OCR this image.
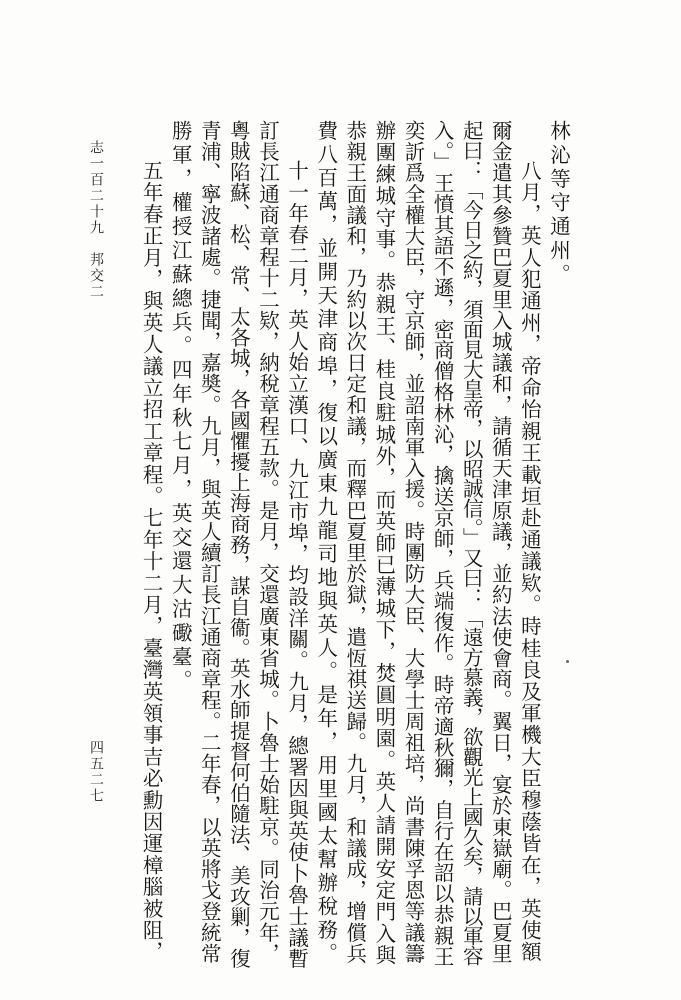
林沁等守通州。
八月，英人犯通州，帝命怡親王載垣赴通議欵。時桂良及軍機大臣穆蔭皆在，英使額
爾金遣其參贊巴夏里入城議和，請循天津原議，並約法使會商。翼日，宴於東嶽廟。巴夏里
起曰：「今日之約，須面見大皇帝，以昭誠信。」又曰：「遠方慕義，欲觀光上國久矣，請以軍容
入。」王憤其語不遜，密商僧格林沁，擒送京師，兵端復作。時帝適秋獮，自行在詔以恭親王
奕訢爲全權大臣，守京師，並詔南軍入援。時團防大臣、大學士周祖培，尚書陳孚恩等議籌
辦團練城守事。恭親王、桂良駐城外，而英師已薄城下，焚圓明園。英人請開安定門入與
恭親王面議和，乃約以次日定和議，而釋巴夏里於獄，遣恆祺送歸。九月，和議成，增償兵
費八百萬，並開天津商埠，復以廣東九龍司地與英人。是年，用里國太幫辦稅務。
十一年春二月，英人始立漢口、九江市埠，均設洋關。九月，總署因與英使卜魯士議暫
訂長江通商章程十二欵，納稅章程五款。是月，交還廣東省城。卜魯士始駐京。同治元年，
粵賊陷蘇、松、常、太各城，各國懼擾上海商務，謀自衞。英水師提督何伯隨法、美攻剿，復
青浦、寧波諸處。捷聞，嘉奬。九月，與英人續訂長江通商章程。二年春，以英將戈登統常
勝軍，權授江蘇總兵。四年秋七月，英交還大沽礮臺。
五年春正月，與英人議立招工章程。七年十二月，臺灣英領事吉必勳因運樟腦被阻，
志一百二十九　邦交二
四五二七
